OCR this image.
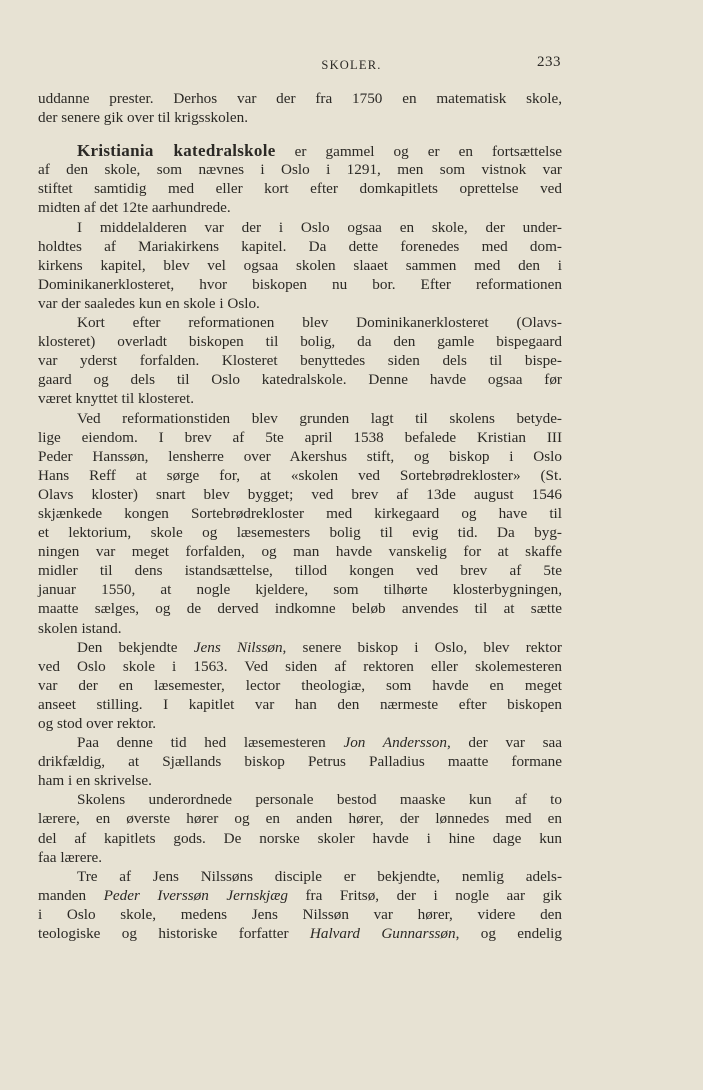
SKOLER.	233
uddanne prester. Derhos var der fra 1750 en matematisk skole,
der senere gik over til krigsskolen.
Kristiania katedralskole er gammel og er en fortsættelse
af den skole, som nævnes i Oslo i 1291, men som vistnok var
stiftet samtidig med eller kort efter domkapitlets oprettelse ved
midten af det 12te aarhundrede.
I middelalderen var der i Oslo ogsaa en skole, der under-
holdtes af Mariakirkens kapitel. Da dette forenedes med dom-
kirkens kapitel, blev vel ogsaa skolen slaaet sammen med den i
Dominikanerklosteret, hvor biskopen nu bor. Efter reformationen
var der saaledes kun en skole i Oslo.
Kort efter reformationen blev Dominikanerklosteret (Olavs-
klosteret) overladt biskopen til bolig, da den gamle bispegaard
var yderst forfalden. Klosteret benyttedes siden dels til bispe-
gaard og dels til Oslo katedralskole. Denne havde ogsaa før
været knyttet til klosteret.
Ved reformationstiden blev grunden lagt til skolens betyde-
lige eiendom. I brev af 5te april 1538 befalede Kristian III
Peder Hanssøn, lensherre over Akershus stift, og biskop i Oslo
Hans Reff at sørge for, at «skolen ved Sortebrødrekloster» (St.
Olavs kloster) snart blev bygget; ved brev af 13de august 1546
skjænkede kongen Sortebrødrekloster med kirkegaard og have til
et lektorium, skole og læsemesters bolig til evig tid. Da byg-
ningen var meget forfalden, og man havde vanskelig for at skaffe
midler til dens istandsættelse, tillod kongen ved brev af 5te
januar 1550, at nogle kjeldere, som tilhørte klosterbygningen,
maatte sælges, og de derved indkomne beløb anvendes til at sætte
skolen istand.
Den bekjendte Jens Nilssøn, senere biskop i Oslo, blev rektor
ved Oslo skole i 1563. Ved siden af rektoren eller skolemesteren
var der en læsemester, lector theologiæ, som havde en meget
anseet stilling. I kapitlet var han den nærmeste efter biskopen
og stod over rektor.
Paa denne tid hed læsemesteren Jon Andersson, der var saa
drikfældig, at Sjællands biskop Petrus Palladius maatte formane
ham i en skrivelse.
Skolens underordnede personale bestod maaske kun af to
lærere, en øverste hører og en anden hører, der lønnedes med en
del af kapitlets gods. De norske skoler havde i hine dage kun
faa lærere.
Tre af Jens Nilssøns disciple er bekjendte, nemlig adels-
manden Peder Iverssøn Jernskjæg fra Fritsø, der i nogle aar gik
i Oslo skole, medens Jens Nilssøn var hører, videre den
teologiske og historiske forfatter Halvard Gunnarssøn, og endelig
